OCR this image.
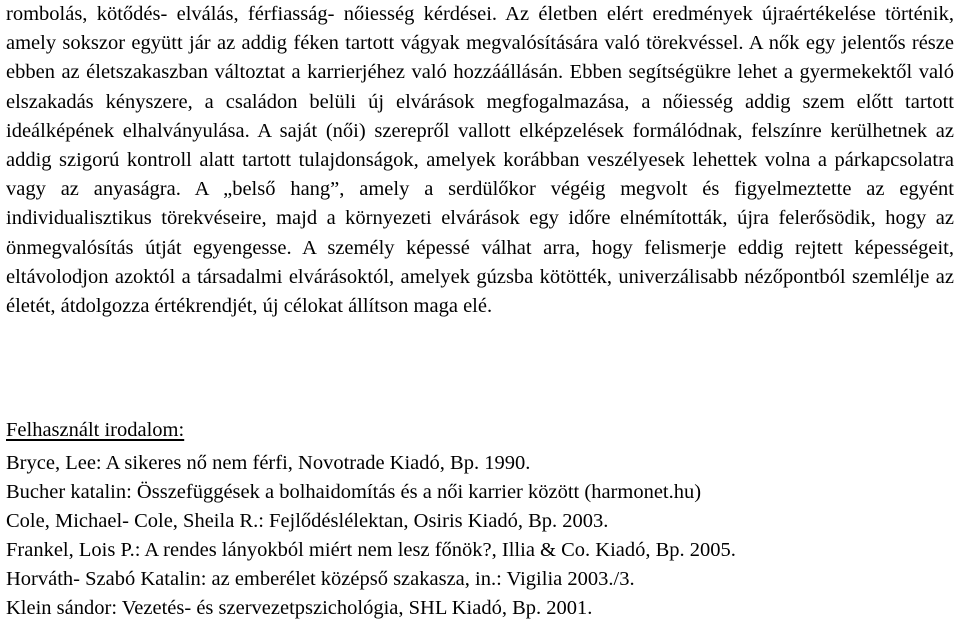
rombolás, kötődés- elválás, férfiasság- nőiesség kérdései. Az életben elért eredmények újraértékelése történik, amely sokszor együtt jár az addig féken tartott vágyak megvalósítására való törekvéssel. A nők egy jelentős része ebben az életszakaszban változtat a karrierjéhez való hozzáállásán. Ebben segítségükre lehet a gyermekektől való elszakadás kényszere, a családon belüli új elvárások megfogalmazása, a nőiesség addig szem előtt tartott ideálképének elhalványulása. A saját (női) szerepről vallott elképzelések formálódnak, felszínre kerülhetnek az addig szigorú kontroll alatt tartott tulajdonságok, amelyek korábban veszélyesek lehettek volna a párkapcsolatra vagy az anyaságra. A „belső hang”, amely a serdülőkor végéig megvolt és figyelmeztette az egyént individualisztikus törekvéseire, majd a környezeti elvárások egy időre elnémították, újra felerősödik, hogy az önmegvalósítás útját egyengesse. A személy képessé válhat arra, hogy felismerje eddig rejtett képességeit, eltávolodjon azoktól a társadalmi elvárásoktól, amelyek gúzsba kötötték, univerzálisabb nézőpontból szemlélje az életét, átdolgozza értékrendjét, új célokat állítson maga elé.

Felhasznált irodalom:

Bryce, Lee: A sikeres nő nem férfi, Novotrade Kiadó, Bp. 1990.
Bucher katalin: Összefüggések a bolhaidomítás és a női karrier között (harmonet.hu)
Cole, Michael- Cole, Sheila R.: Fejlődéslélektan, Osiris Kiadó, Bp. 2003.
Frankel, Lois P.: A rendes lányokból miért nem lesz főnök?, Illia & Co. Kiadó, Bp. 2005.
Horváth- Szabó Katalin: az emberélet középső szakasza, in.: Vigilia 2003./3.
Klein sándor: Vezetés- és szervezetpszichológia, SHL Kiadó, Bp. 2001.
